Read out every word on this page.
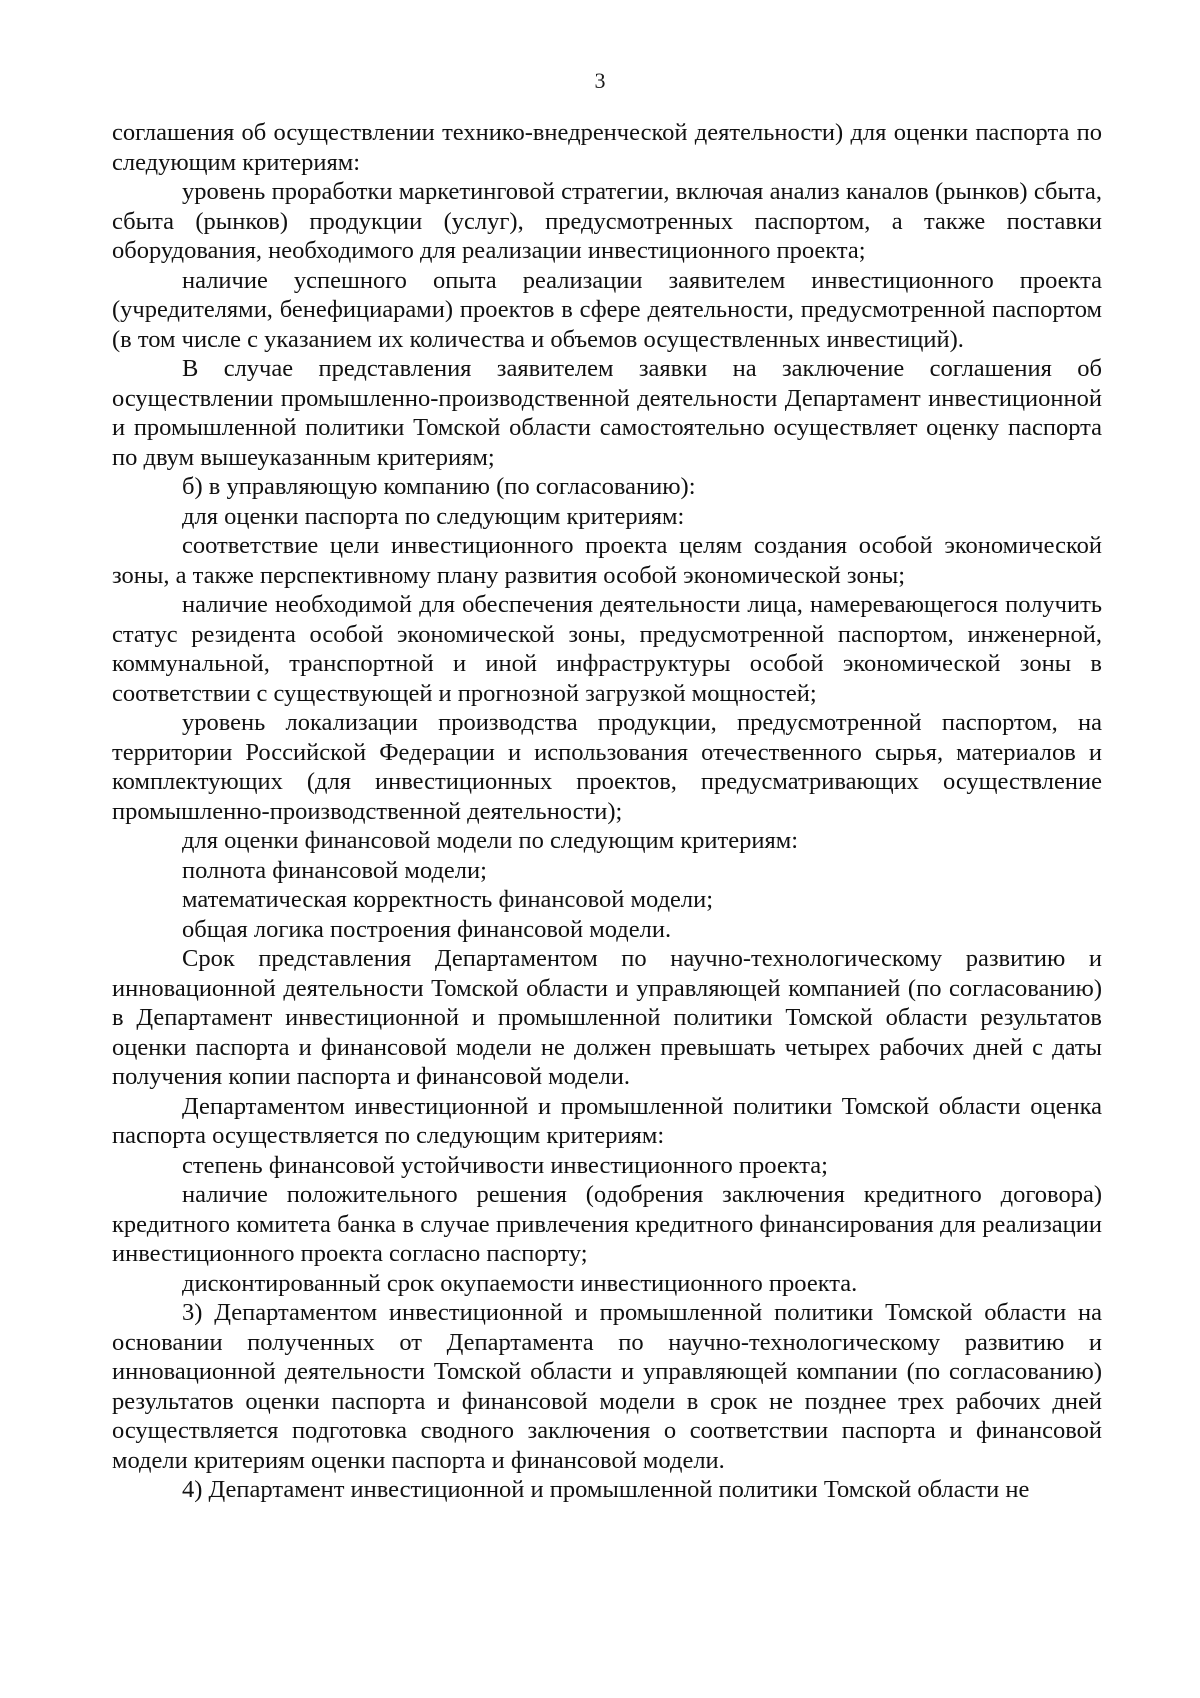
3

соглашения об осуществлении технико-внедренческой деятельности) для оценки паспорта по следующим критериям:

уровень проработки маркетинговой стратегии, включая анализ каналов (рынков) сбыта, сбыта (рынков) продукции (услуг), предусмотренных паспортом, а также поставки оборудования, необходимого для реализации инвестиционного проекта;

наличие успешного опыта реализации заявителем инвестиционного проекта (учредителями, бенефициарами) проектов в сфере деятельности, предусмотренной паспортом (в том числе с указанием их количества и объемов осуществленных инвестиций).

В случае представления заявителем заявки на заключение соглашения об осуществлении промышленно-производственной деятельности Департамент инвестиционной и промышленной политики Томской области самостоятельно осуществляет оценку паспорта по двум вышеуказанным критериям;

б) в управляющую компанию (по согласованию):

для оценки паспорта по следующим критериям:

соответствие цели инвестиционного проекта целям создания особой экономической зоны, а также перспективному плану развития особой экономической зоны;

наличие необходимой для обеспечения деятельности лица, намеревающегося получить статус резидента особой экономической зоны, предусмотренной паспортом, инженерной, коммунальной, транспортной и иной инфраструктуры особой экономической зоны в соответствии с существующей и прогнозной загрузкой мощностей;

уровень локализации производства продукции, предусмотренной паспортом, на территории Российской Федерации и использования отечественного сырья, материалов и комплектующих (для инвестиционных проектов, предусматривающих осуществление промышленно-производственной деятельности);

для оценки финансовой модели по следующим критериям:

полнота финансовой модели;

математическая корректность финансовой модели;

общая логика построения финансовой модели.

Срок представления Департаментом по научно-технологическому развитию и инновационной деятельности Томской области и управляющей компанией (по согласованию) в Департамент инвестиционной и промышленной политики Томской области результатов оценки паспорта и финансовой модели не должен превышать четырех рабочих дней с даты получения копии паспорта и финансовой модели.

Департаментом инвестиционной и промышленной политики Томской области оценка паспорта осуществляется по следующим критериям:

степень финансовой устойчивости инвестиционного проекта;

наличие положительного решения (одобрения заключения кредитного договора) кредитного комитета банка в случае привлечения кредитного финансирования для реализации инвестиционного проекта согласно паспорту;

дисконтированный срок окупаемости инвестиционного проекта.

3) Департаментом инвестиционной и промышленной политики Томской области на основании полученных от Департамента по научно-технологическому развитию и инновационной деятельности Томской области и управляющей компании (по согласованию) результатов оценки паспорта и финансовой модели в срок не позднее трех рабочих дней осуществляется подготовка сводного заключения о соответствии паспорта и финансовой модели критериям оценки паспорта и финансовой модели.

4) Департамент инвестиционной и промышленной политики Томской области не
